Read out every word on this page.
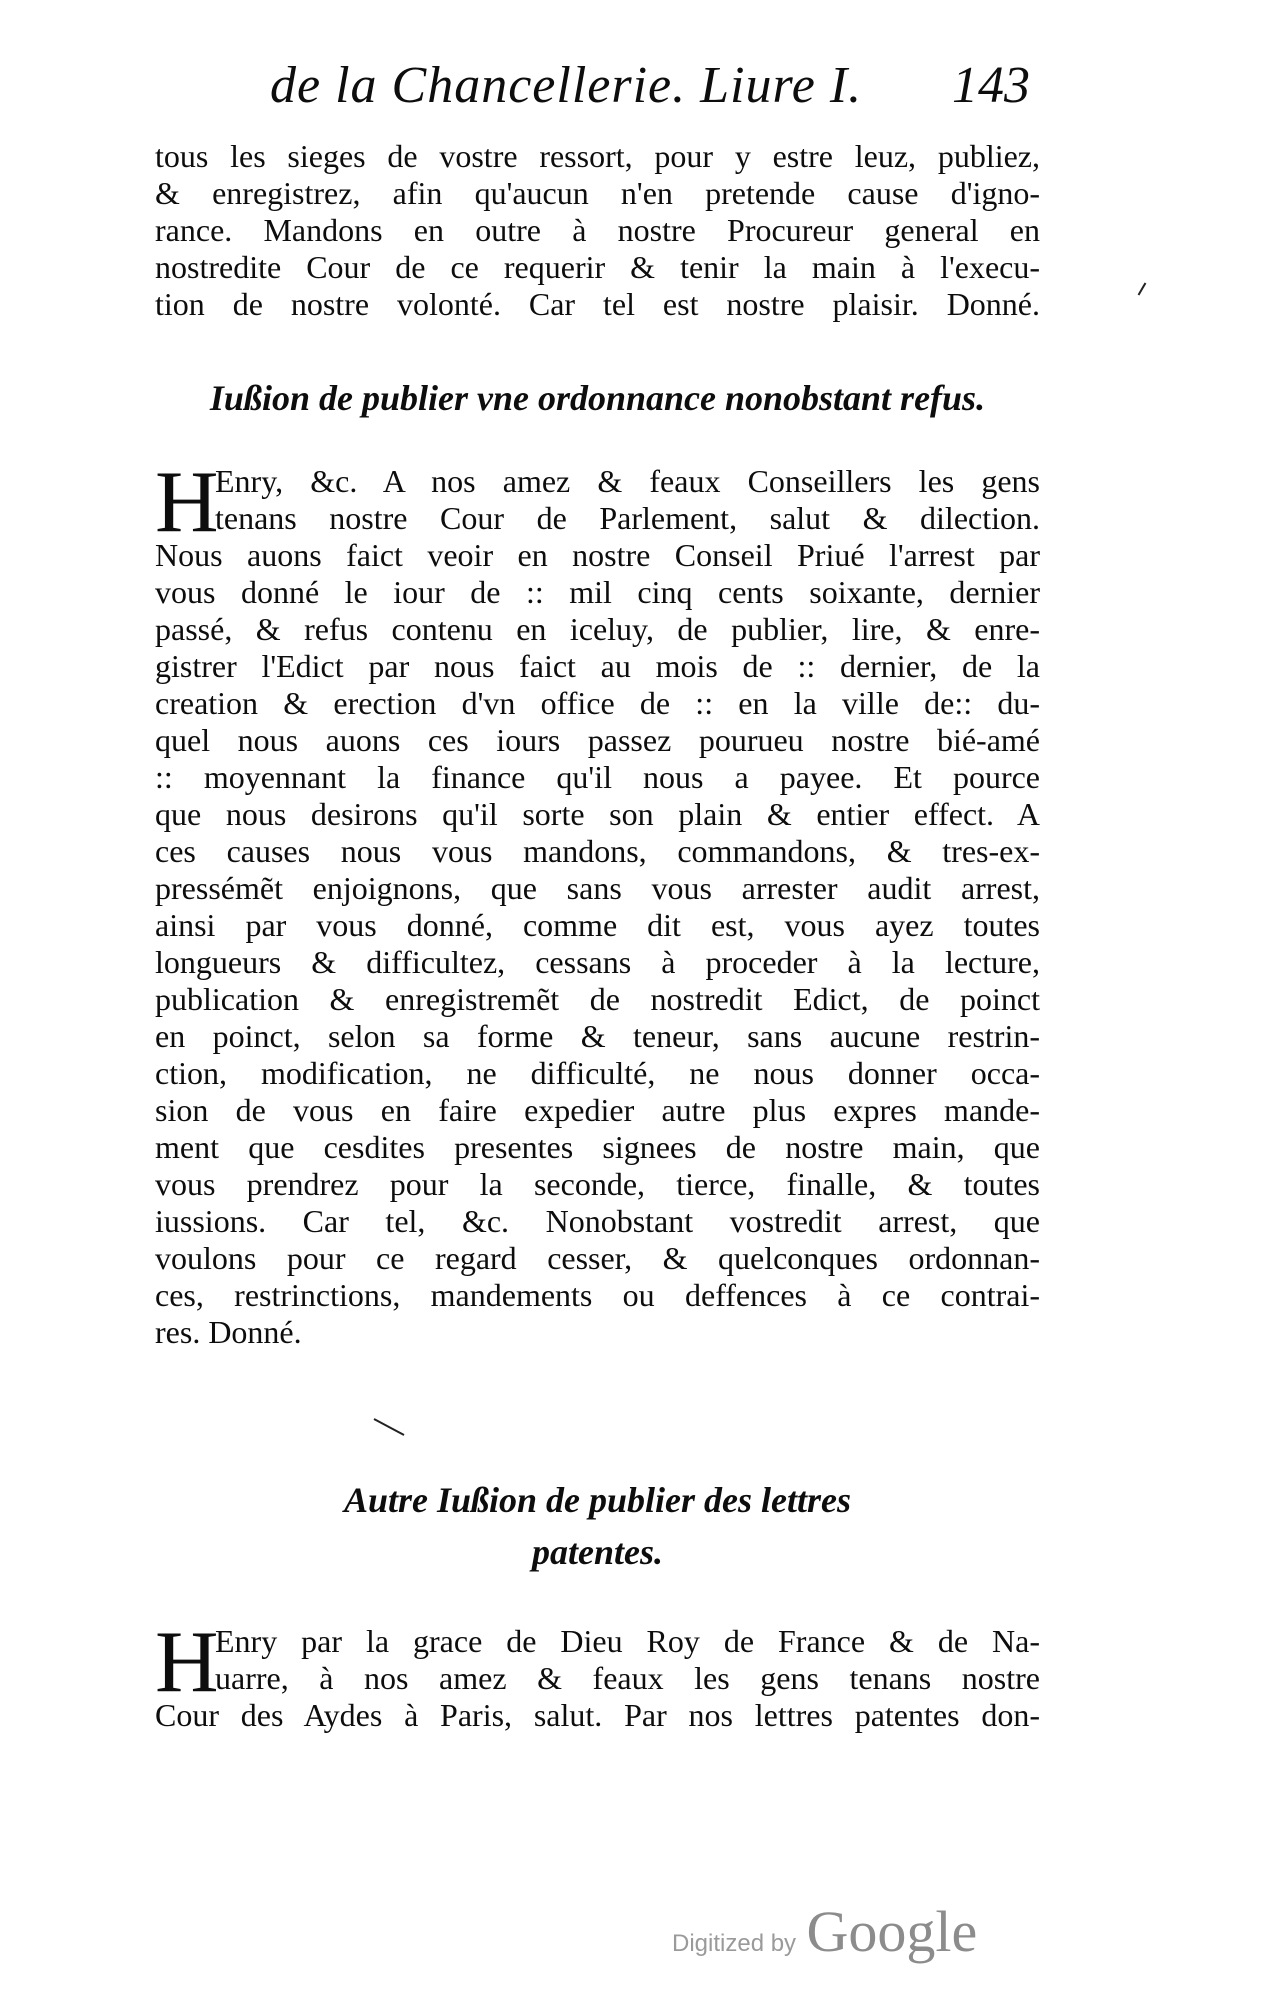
de la Chancellerie. Liure I. 143
tous les sieges de vostre ressort, pour y estre leuz, publiez,
& enregistrez, afin qu'aucun n'en pretende cause d'igno-
rance. Mandons en outre à nostre Procureur general en
nostredite Cour de ce requerir & tenir la main à l'execu-
tion de nostre volonté. Car tel est nostre plaisir. Donné.
Iußion de publier vne ordonnance nonobstant refus.
H
Enry, &c. A nos amez & feaux Conseillers les gens
tenans nostre Cour de Parlement, salut & dilection.
Nous auons faict veoir en nostre Conseil Priué l'arrest par
vous donné le iour de :: mil cinq cents soixante, dernier
passé, & refus contenu en iceluy, de publier, lire, & enre-
gistrer l'Edict par nous faict au mois de :: dernier, de la
creation & erection d'vn office de :: en la ville de:: du-
quel nous auons ces iours passez pourueu nostre bié-amé
:: moyennant la finance qu'il nous a payee. Et pource
que nous desirons qu'il sorte son plain & entier effect. A
ces causes nous vous mandons, commandons, & tres-ex-
pressémẽt enjoignons, que sans vous arrester audit arrest,
ainsi par vous donné, comme dit est, vous ayez toutes
longueurs & difficultez, cessans à proceder à la lecture,
publication & enregistremẽt de nostredit Edict, de poinct
en poinct, selon sa forme & teneur, sans aucune restrin-
ction, modification, ne difficulté, ne nous donner occa-
sion de vous en faire expedier autre plus expres mande-
ment que cesdites presentes signees de nostre main, que
vous prendrez pour la seconde, tierce, finalle, & toutes
iussions. Car tel, &c. Nonobstant vostredit arrest, que
voulons pour ce regard cesser, & quelconques ordonnan-
ces, restrinctions, mandements ou deffences à ce contrai-
res. Donné.
Autre Iußion de publier des lettres
patentes.
H
Enry par la grace de Dieu Roy de France & de Na-
uarre, à nos amez & feaux les gens tenans nostre
Cour des Aydes à Paris, salut. Par nos lettres patentes don-
Digitized by Google
